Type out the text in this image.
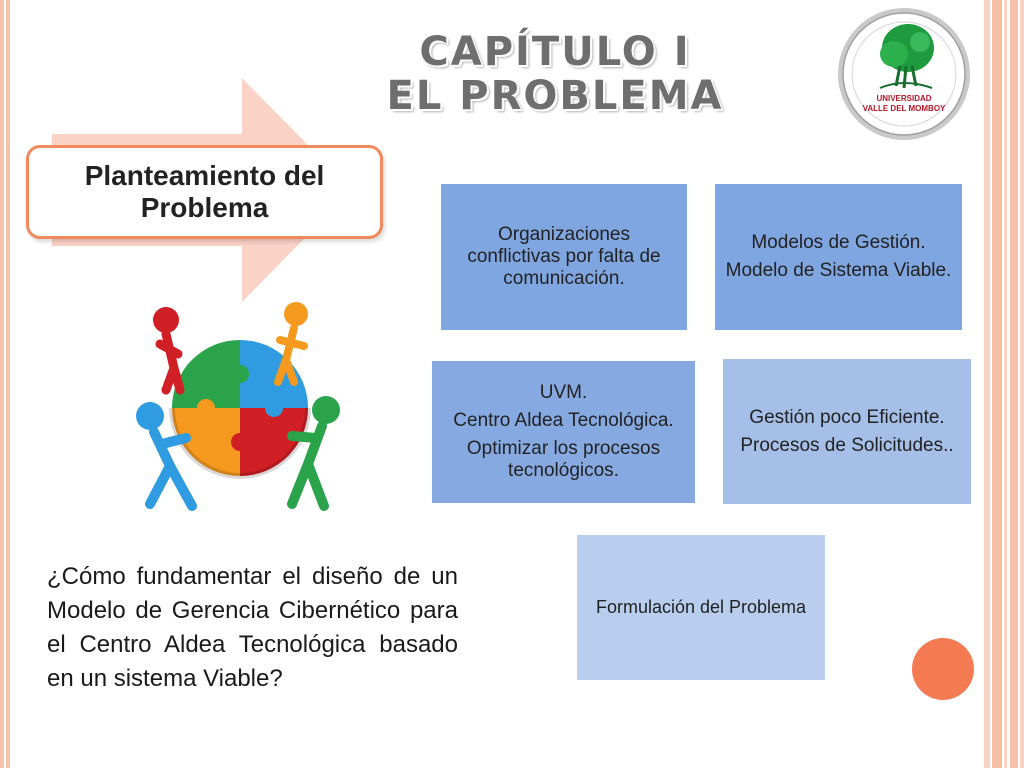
CAPÍTULO I
EL PROBLEMA	UNIVERSIDAD
VALLE DEL MOMBOY
Planteamiento del Problema

Organizaciones conflictivas por falta de comunicación.

Modelos de Gestión.

Modelo de Sistema Viable.

UVM.

Centro Aldea Tecnológica.

Optimizar los procesos tecnológicos.

Gestión poco Eficiente.

Procesos de Solicitudes..

Formulación del Problema

¿Cómo fundamentar el diseño de un Modelo de Gerencia Cibernético para el Centro Aldea Tecnológica basado en un sistema Viable?
